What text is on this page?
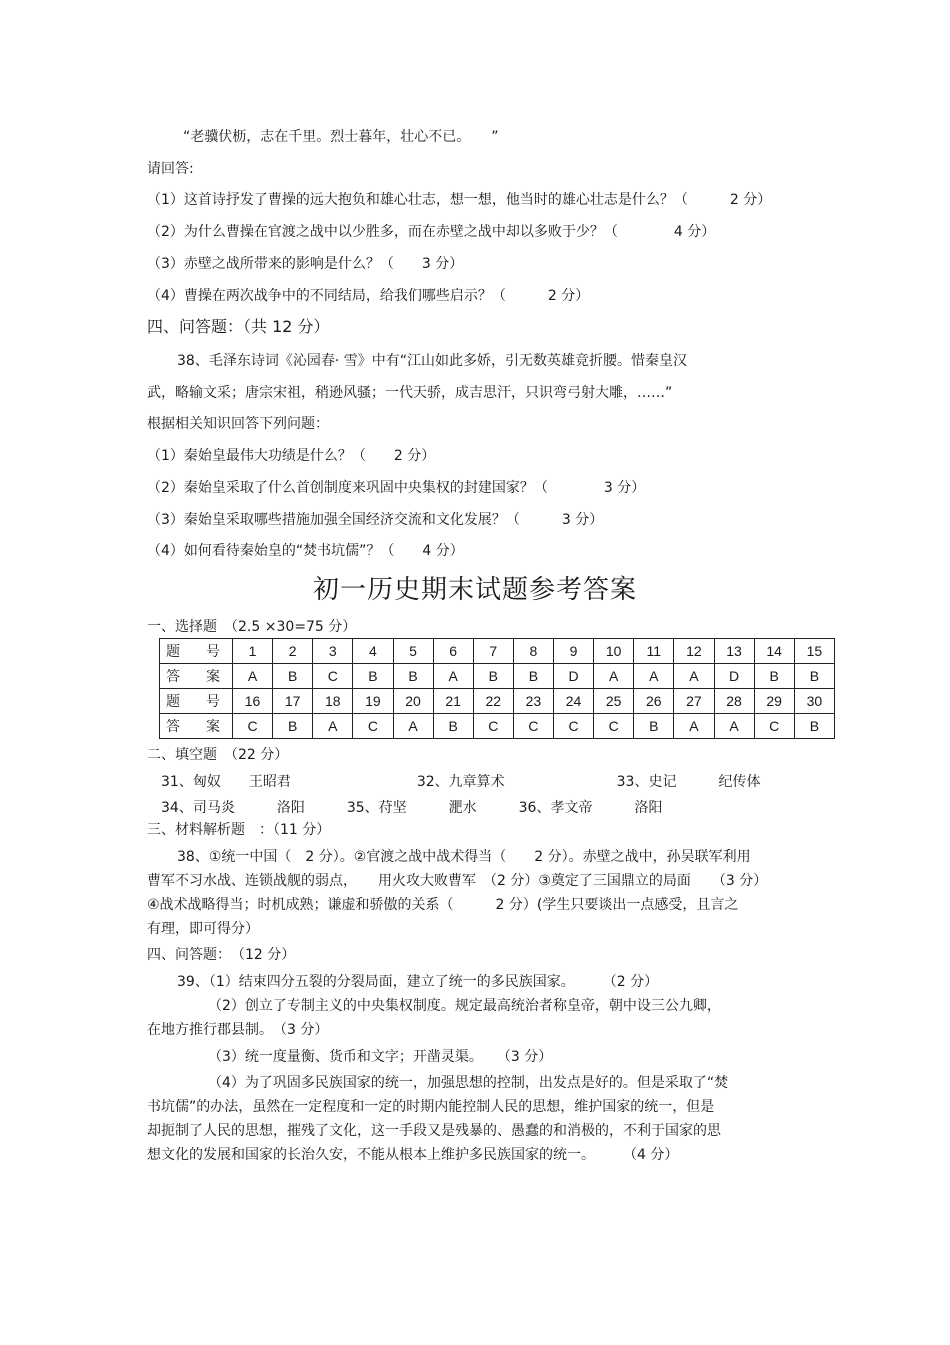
“老骥伏枥，志在千里。烈士暮年，壮心不已。　　”

请回答:

（1）这首诗抒发了曹操的远大抱负和雄心壮志，想一想，他当时的雄心壮志是什么？（　　　2 分）

（2）为什么曹操在官渡之战中以少胜多，而在赤壁之战中却以多败于少？（　　　　4 分）

（3）赤壁之战所带来的影响是什么？（　　3 分）

（4）曹操在两次战争中的不同结局，给我们哪些启示？（　　　2 分）

四、问答题：（共 12 分）

38、毛泽东诗词《沁园春· 雪》中有“江山如此多娇，引无数英雄竞折腰。惜秦皇汉

武，略输文采；唐宗宋祖，稍逊风骚；一代天骄，成吉思汗，只识弯弓射大雕，……”

根据相关知识回答下列问题：

（1）秦始皇最伟大功绩是什么？（　　2 分）

（2）秦始皇采取了什么首创制度来巩固中央集权的封建国家？（　　　　3 分）

（3）秦始皇采取哪些措施加强全国经济交流和文化发展？（　　　3 分）

（4）如何看待秦始皇的“焚书坑儒”？（　　4 分）

初一历史期末试题参考答案

一、选择题　（2.5 ×30=75 分）

题　号	1	2	3	4	5	6	7	8	9	10	11	12	13	14	15
答　案	A	B	C	B	B	A	B	B	D	A	A	A	D	B	B
题　号	16	17	18	19	20	21	22	23	24	25	26	27	28	29	30
答　案	C	B	A	C	A	B	C	C	C	C	B	A	A	C	B

二、填空题　（22 分）

31、匈奴　　王昭君　　　　　　　　　32、九章算术　　　　　　　　33、史记　　　纪传体

34、司马炎　　　洛阳　　　35、苻坚　　　淝水　　　36、孝文帝　　　洛阳

三、材料解析题　：（11 分）

38、①统一中国（　2 分）。②官渡之战中战术得当（　　2 分）。赤壁之战中，孙吴联军利用

曹军不习水战、连锁战舰的弱点，　　用火攻大败曹军　（2 分）③奠定了三国鼎立的局面　　（3 分）

④战术战略得当；时机成熟；谦虚和骄傲的关系（　　　2 分）(学生只要谈出一点感受，且言之

有理，即可得分）

四、问答题：　（12 分）

39、（1）结束四分五裂的分裂局面，建立了统一的多民族国家。　　　（2 分）

（2）创立了专制主义的中央集权制度。规定最高统治者称皇帝，朝中设三公九卿，

在地方推行郡县制。　（3 分）

（3）统一度量衡、货币和文字；开凿灵渠。　　（3 分）

（4）为了巩固多民族国家的统一，加强思想的控制，出发点是好的。但是采取了“焚

书坑儒”的办法，虽然在一定程度和一定的时期内能控制人民的思想，维护国家的统一，但是

却扼制了人民的思想，摧残了文化，这一手段又是残暴的、愚蠢的和消极的，不利于国家的思

想文化的发展和国家的长治久安，不能从根本上维护多民族国家的统一。　　　（4 分）
